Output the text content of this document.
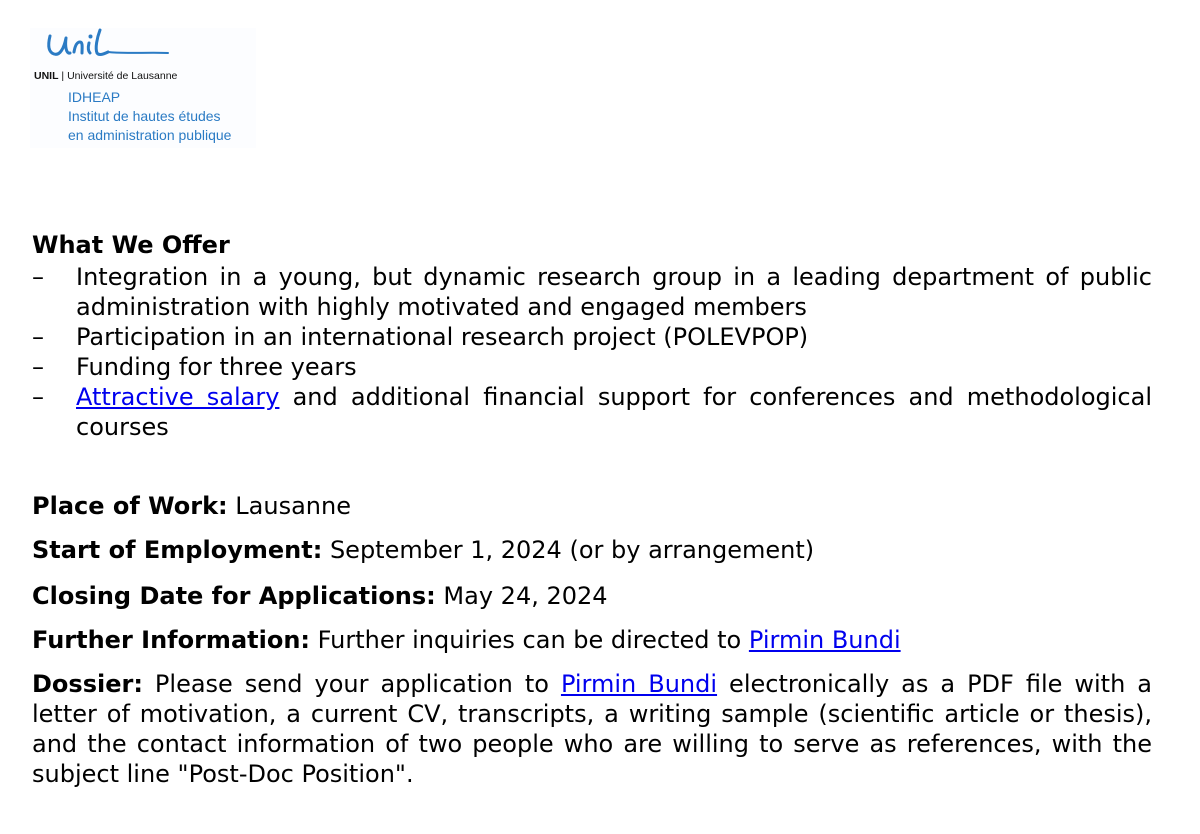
UNIL | Université de Lausanne
IDHEAP
Institut de hautes études
en administration publique
What We Offer
– Integration in a young, but dynamic research group in a leading department of public administration with highly motivated and engaged members
– Participation in an international research project (POLEVPOP)
– Funding for three years
– Attractive salary and additional financial support for conferences and methodological courses

Place of Work: Lausanne

Start of Employment: September 1, 2024 (or by arrangement)

Closing Date for Applications: May 24, 2024

Further Information: Further inquiries can be directed to Pirmin Bundi

Dossier: Please send your application to Pirmin Bundi electronically as a PDF file with a letter of motivation, a current CV, transcripts, a writing sample (scientific article or thesis), and the contact information of two people who are willing to serve as references, with the subject line "Post-Doc Position".
